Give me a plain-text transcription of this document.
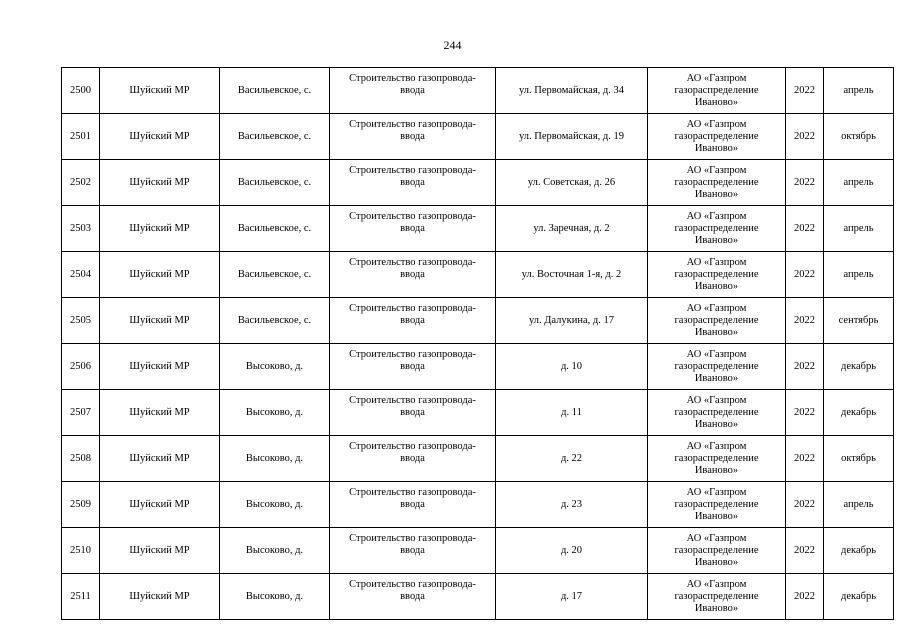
244
2500	Шуйский МР	Васильевское, с.	Строительство газопровода-
ввода	ул. Первомайская, д. 34	АО «Газпром
газораспределение
Иваново»	2022	апрель
2501	Шуйский МР	Васильевское, с.	Строительство газопровода-
ввода	ул. Первомайская, д. 19	АО «Газпром
газораспределение
Иваново»	2022	октябрь
2502	Шуйский МР	Васильевское, с.	Строительство газопровода-
ввода	ул. Советская, д. 26	АО «Газпром
газораспределение
Иваново»	2022	апрель
2503	Шуйский МР	Васильевское, с.	Строительство газопровода-
ввода	ул. Заречная, д. 2	АО «Газпром
газораспределение
Иваново»	2022	апрель
2504	Шуйский МР	Васильевское, с.	Строительство газопровода-
ввода	ул. Восточная 1-я, д. 2	АО «Газпром
газораспределение
Иваново»	2022	апрель
2505	Шуйский МР	Васильевское, с.	Строительство газопровода-
ввода	ул. Далукина, д. 17	АО «Газпром
газораспределение
Иваново»	2022	сентябрь
2506	Шуйский МР	Высоково, д.	Строительство газопровода-
ввода	д. 10	АО «Газпром
газораспределение
Иваново»	2022	декабрь
2507	Шуйский МР	Высоково, д.	Строительство газопровода-
ввода	д. 11	АО «Газпром
газораспределение
Иваново»	2022	декабрь
2508	Шуйский МР	Высоково, д.	Строительство газопровода-
ввода	д. 22	АО «Газпром
газораспределение
Иваново»	2022	октябрь
2509	Шуйский МР	Высоково, д.	Строительство газопровода-
ввода	д. 23	АО «Газпром
газораспределение
Иваново»	2022	апрель
2510	Шуйский МР	Высоково, д.	Строительство газопровода-
ввода	д. 20	АО «Газпром
газораспределение
Иваново»	2022	декабрь
2511	Шуйский МР	Высоково, д.	Строительство газопровода-
ввода	д. 17	АО «Газпром
газораспределение
Иваново»	2022	декабрь
